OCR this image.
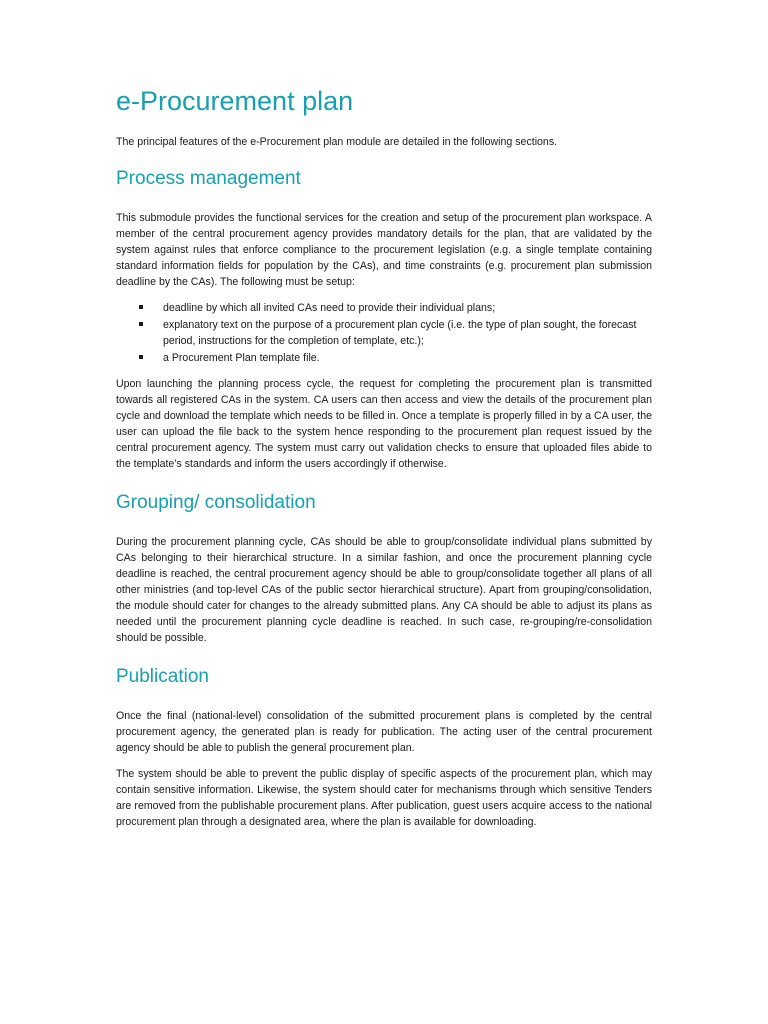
e-Procurement plan

The principal features of the e-Procurement plan module are detailed in the following sections.

Process management

This submodule provides the functional services for the creation and setup of the procurement plan workspace. A member of the central procurement agency provides mandatory details for the plan, that are validated by the system against rules that enforce compliance to the procurement legislation (e.g. a single template containing standard information fields for population by the CAs), and time constraints (e.g. procurement plan submission deadline by the CAs). The following must be setup:

deadline by which all invited CAs need to provide their individual plans;
explanatory text on the purpose of a procurement plan cycle (i.e. the type of plan sought, the forecast period, instructions for the completion of template, etc.);
a Procurement Plan template file.

Upon launching the planning process cycle, the request for completing the procurement plan is transmitted towards all registered CAs in the system. CA users can then access and view the details of the procurement plan cycle and download the template which needs to be filled in. Once a template is properly filled in by a CA user, the user can upload the file back to the system hence responding to the procurement plan request issued by the central procurement agency. The system must carry out validation checks to ensure that uploaded files abide to the template’s standards and inform the users accordingly if otherwise.

Grouping/ consolidation

During the procurement planning cycle, CAs should be able to group/consolidate individual plans submitted by CAs belonging to their hierarchical structure. In a similar fashion, and once the procurement planning cycle deadline is reached, the central procurement agency should be able to group/consolidate together all plans of all other ministries (and top-level CAs of the public sector hierarchical structure). Apart from grouping/consolidation, the module should cater for changes to the already submitted plans. Any CA should be able to adjust its plans as needed until the procurement planning cycle deadline is reached. In such case, re-grouping/re-consolidation should be possible.

Publication

Once the final (national-level) consolidation of the submitted procurement plans is completed by the central procurement agency, the generated plan is ready for publication. The acting user of the central procurement agency should be able to publish the general procurement plan.

The system should be able to prevent the public display of specific aspects of the procurement plan, which may contain sensitive information. Likewise, the system should cater for mechanisms through which sensitive Tenders are removed from the publishable procurement plans. After publication, guest users acquire access to the national procurement plan through a designated area, where the plan is available for downloading.
